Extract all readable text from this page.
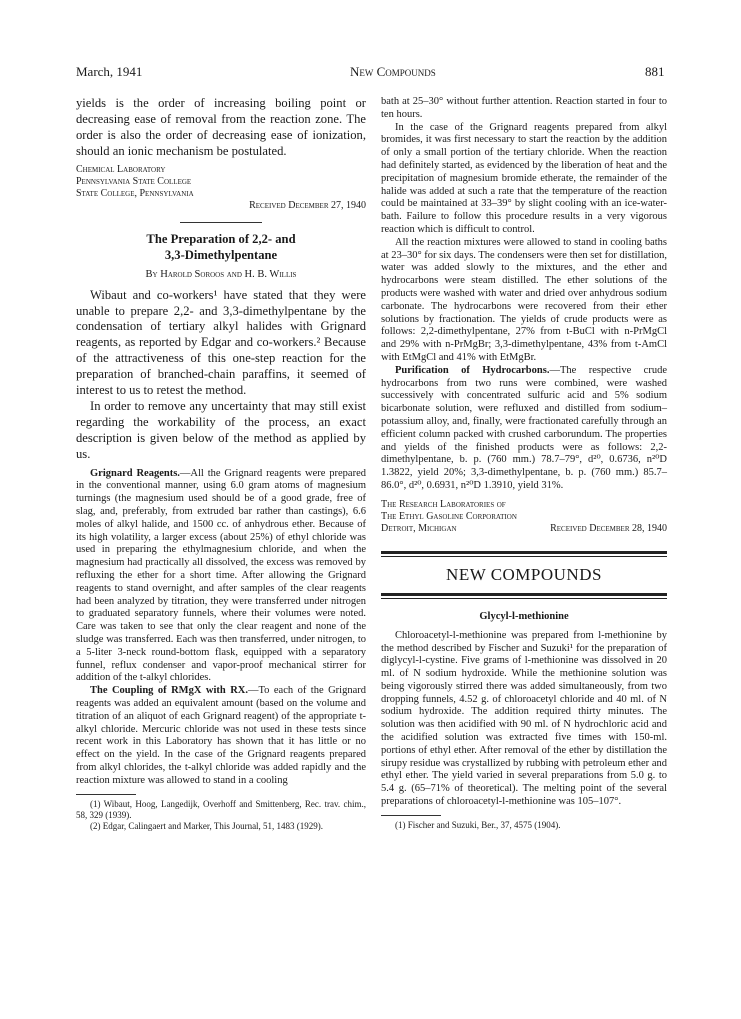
March, 1941	New Compounds	881

yields is the order of increasing boiling point or decreasing ease of removal from the reaction zone. The order is also the order of decreasing ease of ionization, should an ionic mechanism be postulated.

Chemical Laboratory
Pennsylvania State College
State College, Pennsylvania
Received December 27, 1940

The Preparation of 2,2- and
3,3-Dimethylpentane

By Harold Soroos and H. B. Willis

Wibaut and co-workers¹ have stated that they were unable to prepare 2,2- and 3,3-dimethylpentane by the condensation of tertiary alkyl halides with Grignard reagents, as reported by Edgar and co-workers.² Because of the attractiveness of this one-step reaction for the preparation of branched-chain paraffins, it seemed of interest to us to retest the method.

In order to remove any uncertainty that may still exist regarding the workability of the process, an exact description is given below of the method as applied by us.

Grignard Reagents.—All the Grignard reagents were prepared in the conventional manner, using 6.0 gram atoms of magnesium turnings (the magnesium used should be of a good grade, free of slag, and, preferably, from extruded bar rather than castings), 6.6 moles of alkyl halide, and 1500 cc. of anhydrous ether. Because of its high volatility, a larger excess (about 25%) of ethyl chloride was used in preparing the ethylmagnesium chloride, and when the magnesium had practically all dissolved, the excess was removed by refluxing the ether for a short time. After allowing the Grignard reagents to stand overnight, and after samples of the clear reagents had been analyzed by titration, they were transferred under nitrogen to graduated separatory funnels, where their volumes were noted. Care was taken to see that only the clear reagent and none of the sludge was transferred. Each was then transferred, under nitrogen, to a 5-liter 3-neck round-bottom flask, equipped with a separatory funnel, reflux condenser and vapor-proof mechanical stirrer for addition of the t-alkyl chlorides.

The Coupling of RMgX with RX.—To each of the Grignard reagents was added an equivalent amount (based on the volume and titration of an aliquot of each Grignard reagent) of the appropriate t-alkyl chloride. Mercuric chloride was not used in these tests since recent work in this Laboratory has shown that it has little or no effect on the yield. In the case of the Grignard reagents prepared from alkyl chlorides, the t-alkyl chloride was added rapidly and the reaction mixture was allowed to stand in a cooling

(1) Wibaut, Hoog, Langedijk, Overhoff and Smittenberg, Rec. trav. chim., 58, 329 (1939).

(2) Edgar, Calingaert and Marker, This Journal, 51, 1483 (1929).

bath at 25–30° without further attention. Reaction started in four to ten hours.

In the case of the Grignard reagents prepared from alkyl bromides, it was first necessary to start the reaction by the addition of only a small portion of the tertiary chloride. When the reaction had definitely started, as evidenced by the liberation of heat and the precipitation of magnesium bromide etherate, the remainder of the halide was added at such a rate that the temperature of the reaction could be maintained at 33–39° by slight cooling with an ice-water-bath. Failure to follow this procedure results in a very vigorous reaction which is difficult to control.

All the reaction mixtures were allowed to stand in cooling baths at 23–30° for six days. The condensers were then set for distillation, water was added slowly to the mixtures, and the ether and hydrocarbons were steam distilled. The ether solutions of the products were washed with water and dried over anhydrous sodium carbonate. The hydrocarbons were recovered from their ether solutions by fractionation. The yields of crude products were as follows: 2,2-dimethylpentane, 27% from t-BuCl with n-PrMgCl and 29% with n-PrMgBr; 3,3-dimethylpentane, 43% from t-AmCl with EtMgCl and 41% with EtMgBr.

Purification of Hydrocarbons.—The respective crude hydrocarbons from two runs were combined, were washed successively with concentrated sulfuric acid and 5% sodium bicarbonate solution, were refluxed and distilled from sodium–potassium alloy, and, finally, were fractionated carefully through an efficient column packed with crushed carborundum. The properties and yields of the finished products were as follows: 2,2-dimethylpentane, b. p. (760 mm.) 78.7–79°, d²⁰, 0.6736, n²⁰D 1.3822, yield 20%; 3,3-dimethylpentane, b. p. (760 mm.) 85.7–86.0°, d²⁰, 0.6931, n²⁰D 1.3910, yield 31%.

The Research Laboratories of
The Ethyl Gasoline Corporation
Detroit, Michigan	Received December 28, 1940
NEW COMPOUNDS

Glycyl-l-methionine

Chloroacetyl-l-methionine was prepared from l-methionine by the method described by Fischer and Suzuki¹ for the preparation of diglycyl-l-cystine. Five grams of l-methionine was dissolved in 20 ml. of N sodium hydroxide. While the methionine solution was being vigorously stirred there was added simultaneously, from two dropping funnels, 4.52 g. of chloroacetyl chloride and 40 ml. of N sodium hydroxide. The addition required thirty minutes. The solution was then acidified with 90 ml. of N hydrochloric acid and the acidified solution was extracted five times with 150-ml. portions of ethyl ether. After removal of the ether by distillation the sirupy residue was crystallized by rubbing with petroleum ether and ethyl ether. The yield varied in several preparations from 5.0 g. to 5.4 g. (65–71% of theoretical). The melting point of the several preparations of chloroacetyl-l-methionine was 105–107°.

(1) Fischer and Suzuki, Ber., 37, 4575 (1904).
